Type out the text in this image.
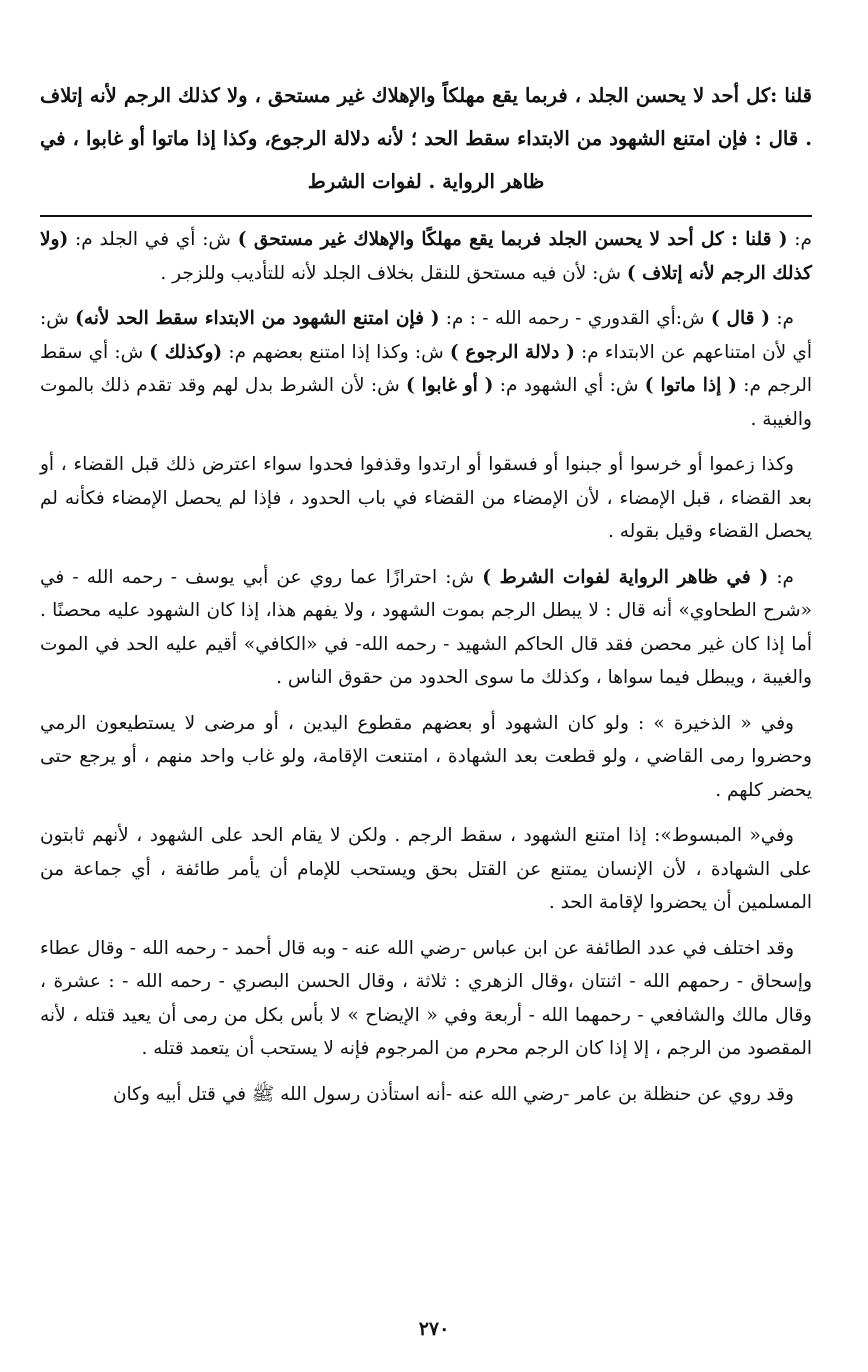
قلنا :كل أحد لا يحسن الجلد ، فربما يقع مهلكاً والإهلاك غير مستحق ، ولا كذلك الرجم لأنه إتلاف . قال : فإن امتنع الشهود من الابتداء سقط الحد ؛ لأنه دلالة الرجوع، وكذا إذا ماتوا أو غابوا ، في ظاهر الرواية . لفوات الشرط

م: ( قلنا : كل أحد لا يحسن الجلد فربما يقع مهلكًا والإهلاك غير مستحق ) ش: أي في الجلد م: (ولا كذلك الرجم لأنه إتلاف ) ش: لأن فيه مستحق للنقل بخلاف الجلد لأنه للتأديب وللزجر .

م: ( قال ) ش:أي القدوري - رحمه الله - : م: ( فإن امتنع الشهود من الابتداء سقط الحد لأنه) ش: أي لأن امتناعهم عن الابتداء م: ( دلالة الرجوع ) ش: وكذا إذا امتنع بعضهم م: (وكذلك ) ش: أي سقط الرجم م: ( إذا ماتوا ) ش: أي الشهود م: ( أو غابوا ) ش: لأن الشرط بدل لهم وقد تقدم ذلك بالموت والغيبة .

وكذا زعموا أو خرسوا أو جبنوا أو فسقوا أو ارتدوا وقذفوا فحدوا سواء اعترض ذلك قبل القضاء ، أو بعد القضاء ، قبل الإمضاء ، لأن الإمضاء من القضاء في باب الحدود ، فإذا لم يحصل الإمضاء فكأنه لم يحصل القضاء وقيل بقوله .

م: ( في ظاهر الرواية لفوات الشرط ) ش: احترازًا عما روي عن أبي يوسف - رحمه الله - في «شرح الطحاوي» أنه قال : لا يبطل الرجم بموت الشهود ، ولا يفهم هذا، إذا كان الشهود عليه محصنًا . أما إذا كان غير محصن فقد قال الحاكم الشهيد - رحمه الله- في «الكافي» أقيم عليه الحد في الموت والغيبة ، ويبطل فيما سواها ، وكذلك ما سوى الحدود من حقوق الناس .

وفي « الذخيرة » : ولو كان الشهود أو بعضهم مقطوع اليدين ، أو مرضى لا يستطيعون الرمي وحضروا رمى القاضي ، ولو قطعت بعد الشهادة ، امتنعت الإقامة، ولو غاب واحد منهم ، أو يرجع حتى يحضر كلهم .

وفي« المبسوط»: إذا امتنع الشهود ، سقط الرجم . ولكن لا يقام الحد على الشهود ، لأنهم ثابتون على الشهادة ، لأن الإنسان يمتنع عن القتل بحق ويستحب للإمام أن يأمر طائفة ، أي جماعة من المسلمين أن يحضروا لإقامة الحد .

وقد اختلف في عدد الطائفة عن ابن عباس -رضي الله عنه - وبه قال أحمد - رحمه الله - وقال عطاء وإسحاق - رحمهم الله - اثنتان ،وقال الزهري : ثلاثة ، وقال الحسن البصري - رحمه الله - : عشرة ، وقال مالك والشافعي - رحمهما الله - أربعة وفي « الإيضاح » لا بأس بكل من رمى أن يعيد قتله ، لأنه المقصود من الرجم ، إلا إذا كان الرجم محرم من المرجوم فإنه لا يستحب أن يتعمد قتله .

وقد روي عن حنظلة بن عامر -رضي الله عنه -أنه استأذن رسول الله ﷺ في قتل أبيه وكان

٢٧٠
